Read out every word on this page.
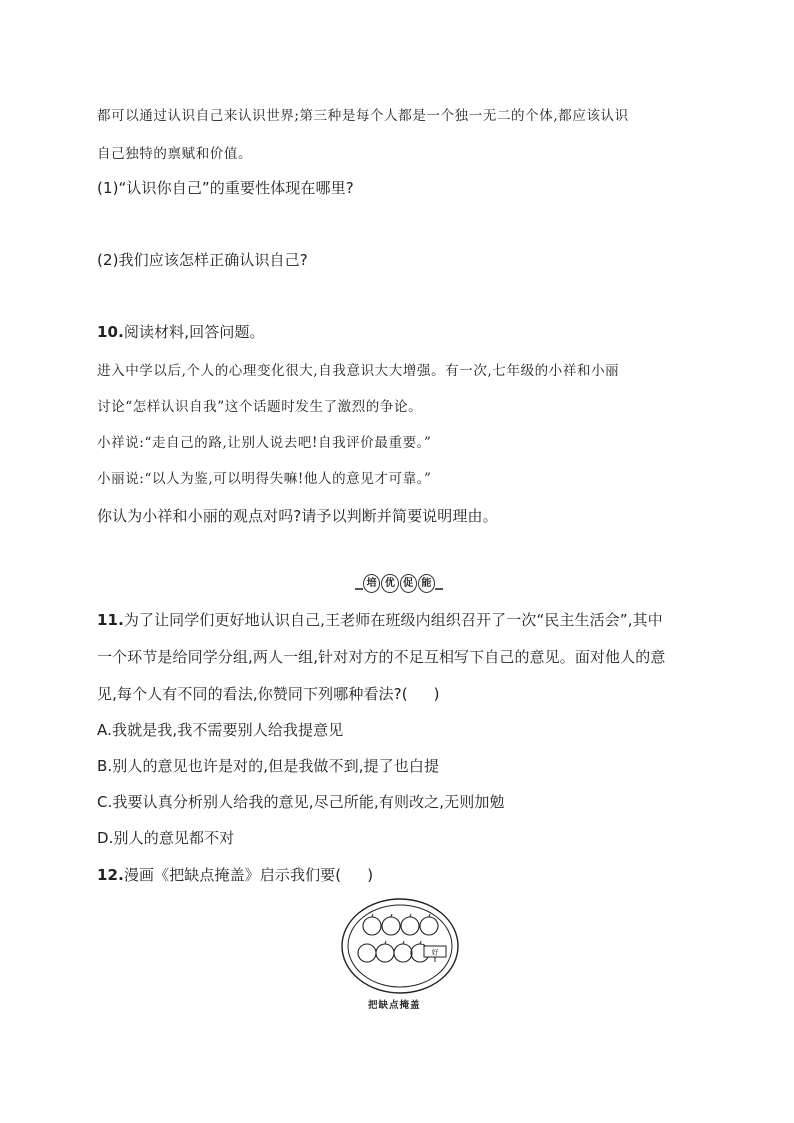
都可以通过认识自己来认识世界;第三种是每个人都是一个独一无二的个体,都应该认识
自己独特的禀赋和价值。
(1)“认识你自己”的重要性体现在哪里?
(2)我们应该怎样正确认识自己?
10.阅读材料,回答问题。
进入中学以后,个人的心理变化很大,自我意识大大增强。有一次,七年级的小祥和小丽
讨论“怎样认识自我”这个话题时发生了激烈的争论。
小祥说:“走自己的路,让别人说去吧!自我评价最重要。”
小丽说:“以人为鉴,可以明得失嘛!他人的意见才可靠。”
你认为小祥和小丽的观点对吗?请予以判断并简要说明理由。
培 优 促 能
11.为了让同学们更好地认识自己,王老师在班级内组织召开了一次“民主生活会”,其中
一个环节是给同学分组,两人一组,针对对方的不足互相写下自己的意见。面对他人的意
见,每个人有不同的看法,你赞同下列哪种看法?( )
A.我就是我,我不需要别人给我提意见
B.别人的意见也许是对的,但是我做不到,提了也白提
C.我要认真分析别人给我的意见,尽己所能,有则改之,无则加勉
D.别人的意见都不对
12.漫画《把缺点掩盖》启示我们要( )
好
把缺点掩盖
